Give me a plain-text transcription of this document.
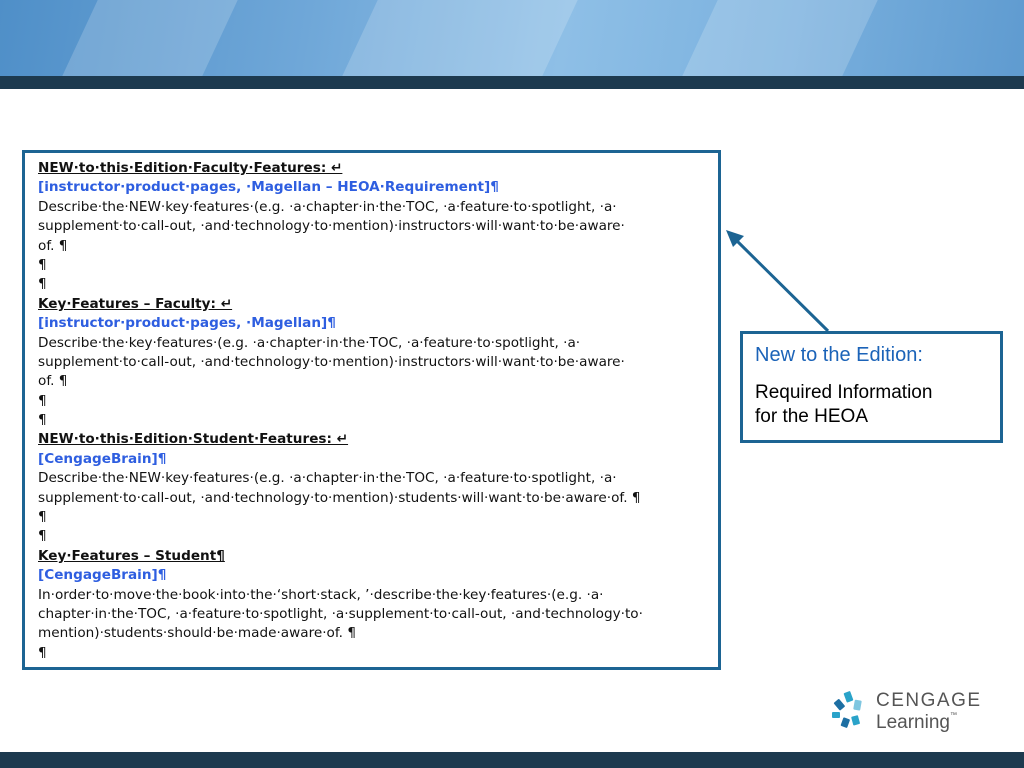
NEW·to·this·Edition·Faculty·Features: ↵
[instructor·product·pages, ·Magellan – HEOA·Requirement]¶
Describe·the·NEW·key·features·(e.g. ·a·chapter·in·the·TOC, ·a·feature·to·spotlight, ·a·
supplement·to·call-out, ·and·technology·to·mention)·instructors·will·want·to·be·aware·
of. ¶
¶
¶
Key·Features – Faculty: ↵
[instructor·product·pages, ·Magellan]¶
Describe·the·key·features·(e.g. ·a·chapter·in·the·TOC, ·a·feature·to·spotlight, ·a·
supplement·to·call-out, ·and·technology·to·mention)·instructors·will·want·to·be·aware·
of. ¶
¶
¶
NEW·to·this·Edition·Student·Features: ↵
[CengageBrain]¶
Describe·the·NEW·key·features·(e.g. ·a·chapter·in·the·TOC, ·a·feature·to·spotlight, ·a·
supplement·to·call-out, ·and·technology·to·mention)·students·will·want·to·be·aware·of. ¶
¶
¶
Key·Features – Student¶
[CengageBrain]¶
In·order·to·move·the·book·into·the·‘short·stack, ’·describe·the·key·features·(e.g. ·a·
chapter·in·the·TOC, ·a·feature·to·spotlight, ·a·supplement·to·call-out, ·and·technology·to·
mention)·students·should·be·made·aware·of. ¶
¶
New to the Edition:
Required Information
for the HEOA
CENGAGE
Learning™
